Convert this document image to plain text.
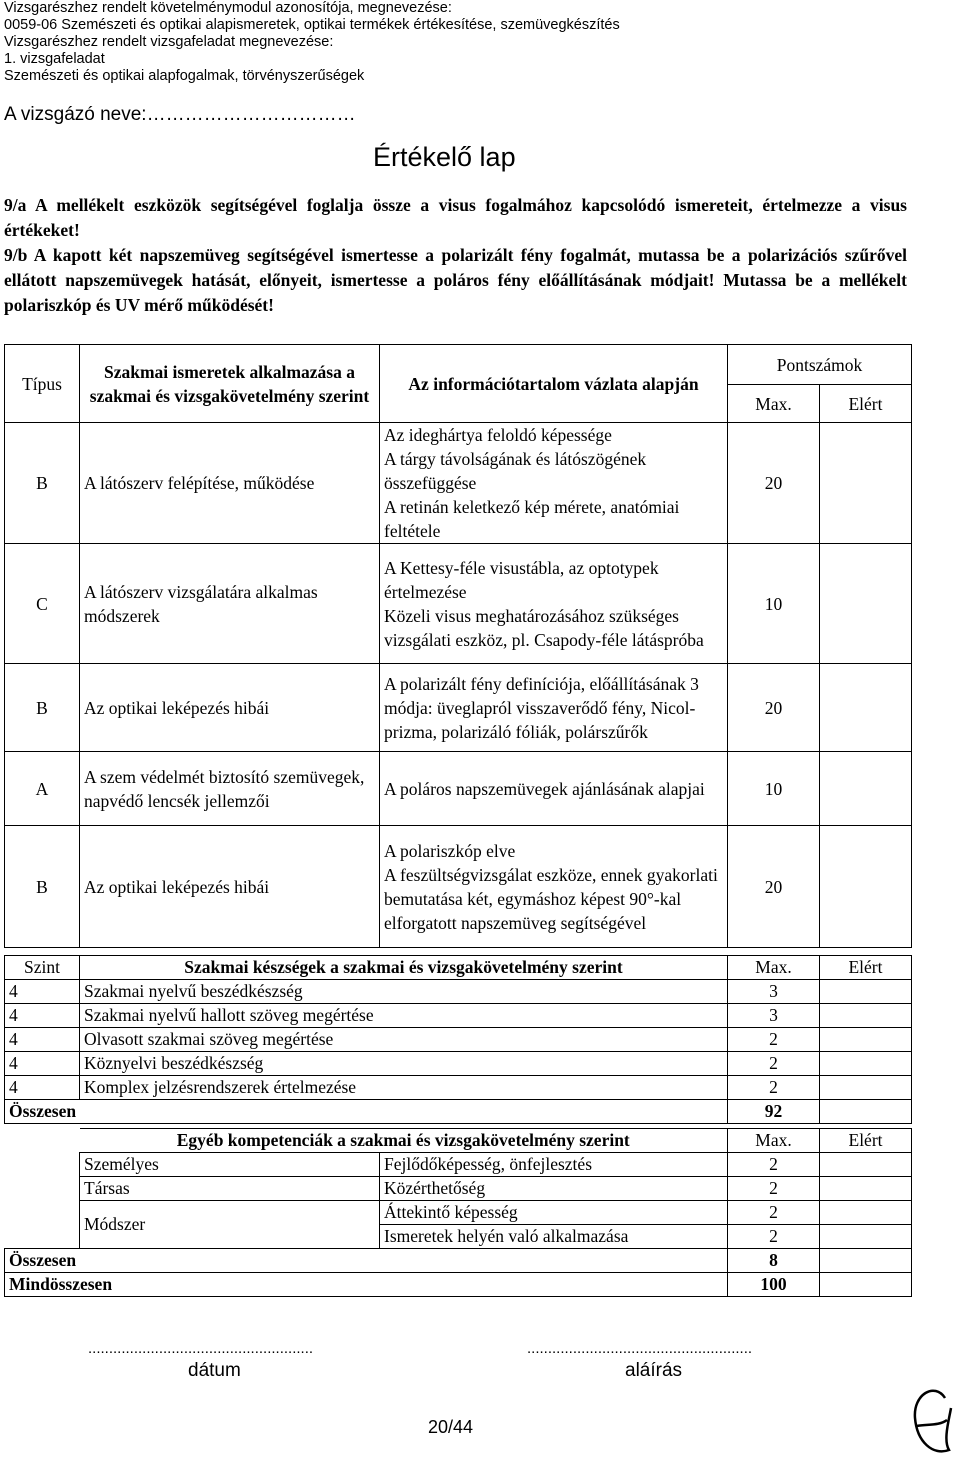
Vizsgarészhez rendelt követelménymodul azonosítója, megnevezése:
0059-06 Szemészeti és optikai alapismeretek, optikai termékek értékesítése, szemüvegkészítés
Vizsgarészhez rendelt vizsgafeladat megnevezése:
1. vizsgafeladat
Szemészeti és optikai alapfogalmak, törvényszerűségek
A vizsgázó neve:……………………………
Értékelő lap
9/a A mellékelt eszközök segítségével foglalja össze a visus fogalmához kapcsolódó ismereteit, értelmezze a visus értékeket!
9/b A kapott két napszemüveg segítségével ismertesse a polarizált fény fogalmát, mutassa be a polarizációs szűrővel ellátott napszemüvegek hatását, előnyeit, ismertesse a poláros fény előállításának módjait! Mutassa be a mellékelt polariszkóp és UV mérő működését!
Típus	Szakmai ismeretek alkalmazása a szakmai és vizsgakövetelmény szerint	Az információtartalom vázlata alapján	Pontszámok	
			Max.	Elért
B	A látószerv felépítése, működése	Az ideghártya feloldó képessége
A tárgy távolságának és látószögének összefüggése
A retinán keletkező kép mérete, anatómiai feltétele	20	
C	A látószerv vizsgálatára alkalmas módszerek	A Kettesy-féle visustábla, az optotypek értelmezése
Közeli visus meghatározásához szükséges vizsgálati eszköz, pl. Csapody-féle látáspróba	10	
B	Az optikai leképezés hibái	A polarizált fény definíciója, előállításának 3 módja: üveglapról visszaverődő fény, Nicol-prizma, polarizáló fóliák, polárszűrők	20	
A	A szem védelmét biztosító szemüvegek, napvédő lencsék jellemzői	A poláros napszemüvegek ajánlásának alapjai	10	
B	Az optikai leképezés hibái	A polariszkóp elve
A feszültségvizsgálat eszköze, ennek gyakorlati bemutatása két, egymáshoz képest 90°-kal elforgatott napszemüveg segítségével	20	
Szint	Szakmai készségek a szakmai és vizsgakövetelmény szerint	Max.	Elért
4	Szakmai nyelvű beszédkészség	3	
4	Szakmai nyelvű hallott szöveg megértése	3	
4	Olvasott szakmai szöveg megértése	2	
4	Köznyelvi beszédkészség	2	
4	Komplex jelzésrendszerek értelmezése	2	
Összesen		92	
	Egyéb kompetenciák a szakmai és vizsgakövetelmény szerint		Max.	Elért
	Személyes	Fejlődőképesség, önfejlesztés	2	
	Társas	Közérthetőség	2	
	Módszer	Áttekintő képesség	2	
		Ismeretek helyén való alkalmazása	2	
Összesen			8	
Mindösszesen			100	
......................................................	......................................................
dátum	aláírás
20/44
